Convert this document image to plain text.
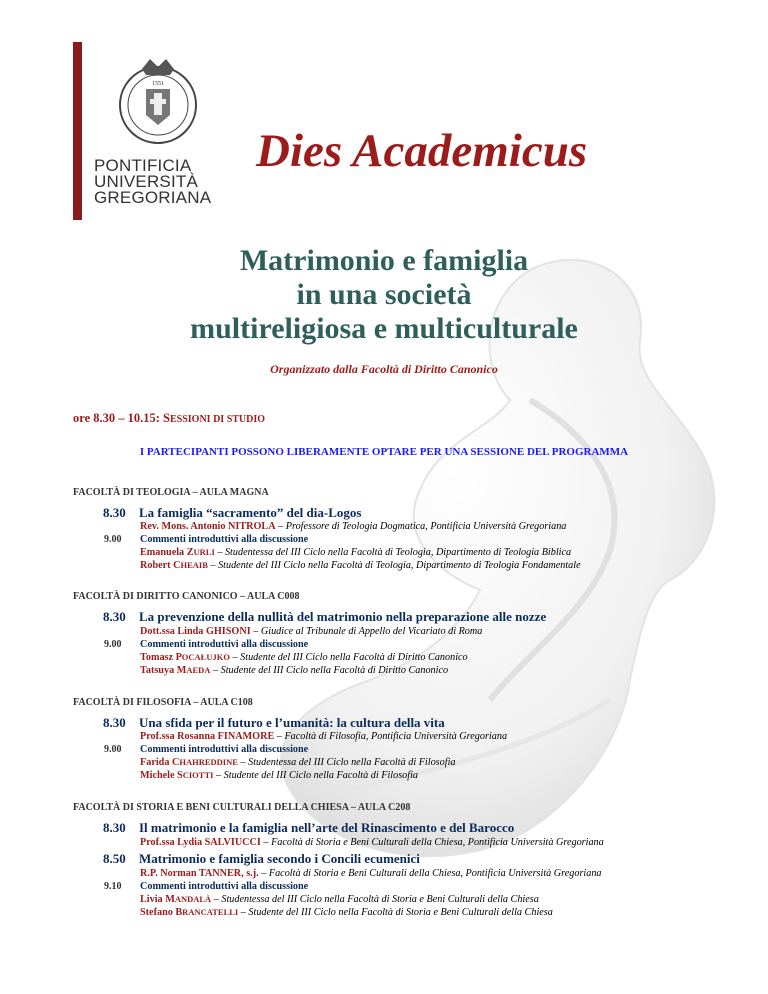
1551
PONTIFICIA
UNIVERSITÀ
GREGORIANA
Dies Academicus
Matrimonio e famiglia
in una società
multireligiosa e multiculturale
Organizzato dalla Facoltà di Diritto Canonico
ore 8.30 – 10.15: SESSIONI DI STUDIO
I PARTECIPANTI POSSONO LIBERAMENTE OPTARE PER UNA SESSIONE DEL PROGRAMMA
FACOLTÀ DI TEOLOGIA – AULA MAGNA
8.30 La famiglia “sacramento” del dia-Logos
Rev. Mons. Antonio NITROLA – Professore di Teologia Dogmatica, Pontificia Università Gregoriana
9.00 Commenti introduttivi alla discussione
Emanuela ZURLI – Studentessa del III Ciclo nella Facoltà di Teologia, Dipartimento di Teologia Biblica
Robert CHEAIB – Studente del III Ciclo nella Facoltà di Teologia, Dipartimento di Teologia Fondamentale
FACOLTÀ DI DIRITTO CANONICO – AULA C008
8.30 La prevenzione della nullità del matrimonio nella preparazione alle nozze
Dott.ssa Linda GHISONI – Giudice al Tribunale di Appello del Vicariato di Roma
9.00 Commenti introduttivi alla discussione
Tomasz POCAŁUJKO – Studente del III Ciclo nella Facoltà di Diritto Canonico
Tatsuya MAEDA – Studente del III Ciclo nella Facoltà di Diritto Canonico
FACOLTÀ DI FILOSOFIA – AULA C108
8.30 Una sfida per il futuro e l’umanità: la cultura della vita
Prof.ssa Rosanna FINAMORE – Facoltà di Filosofia, Pontificia Università Gregoriana
9.00 Commenti introduttivi alla discussione
Farida CHAHREDDINE – Studentessa del III Ciclo nella Facoltà di Filosofia
Michele SCIOTTI – Studente del III Ciclo nella Facoltà di Filosofia
FACOLTÀ DI STORIA E BENI CULTURALI DELLA CHIESA – AULA C208
8.30 Il matrimonio e la famiglia nell’arte del Rinascimento e del Barocco
Prof.ssa Lydia SALVIUCCI – Facoltà di Storia e Beni Culturali della Chiesa, Pontificia Università Gregoriana
8.50 Matrimonio e famiglia secondo i Concili ecumenici
R.P. Norman TANNER, s.j. – Facoltà di Storia e Beni Culturali della Chiesa, Pontificia Università Gregoriana
9.10 Commenti introduttivi alla discussione
Livia MANDALÀ – Studentessa del III Ciclo nella Facoltà di Storia e Beni Culturali della Chiesa
Stefano BRANCATELLI – Studente del III Ciclo nella Facoltà di Storia e Beni Culturali della Chiesa
